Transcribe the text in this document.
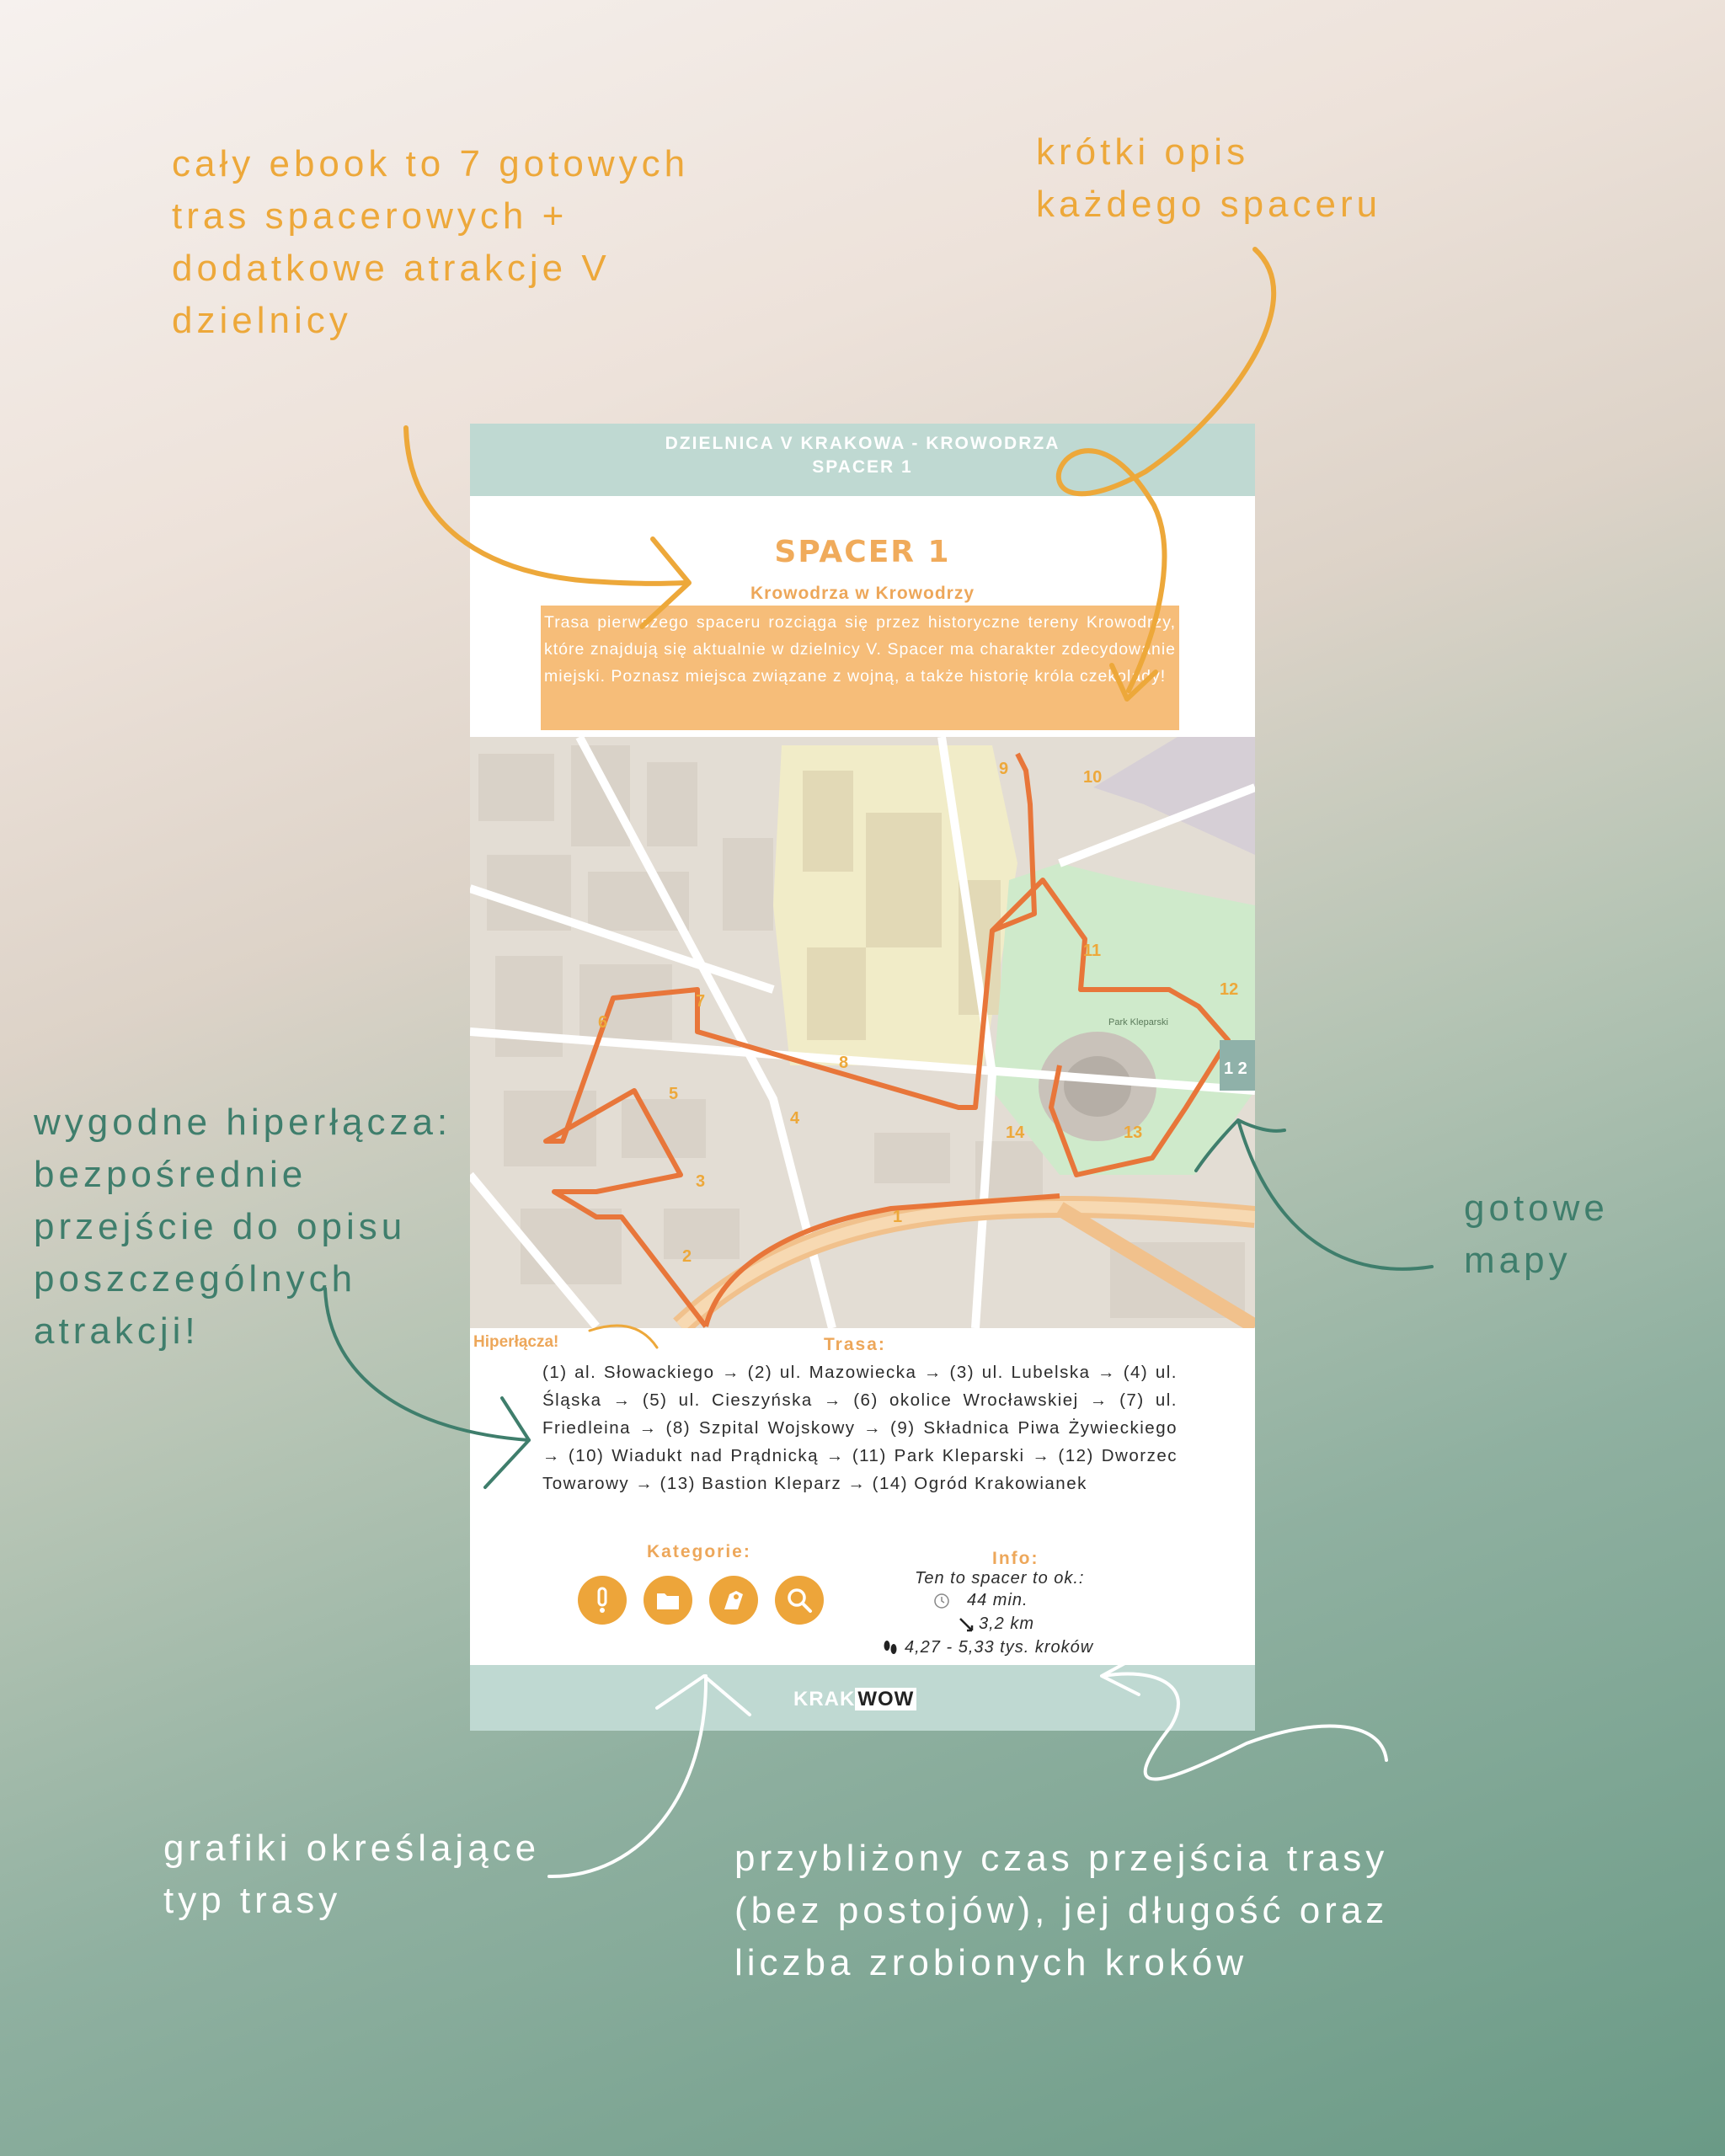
cały ebook to 7 gotowych
tras spacerowych +
dodatkowe atrakcje V
dzielnicy
krótki opis
każdego spaceru
wygodne hiperłącza:
bezpośrednie
przejście do opisu
poszczególnych
atrakcji!
gotowe
mapy
grafiki określające
typ trasy
przybliżony czas przejścia trasy
(bez postojów), jej długość oraz
liczba zrobionych kroków
DZIELNICA V KRAKOWA - KROWODRZA
SPACER 1
SPACER 1
Krowodrza w Krowodrzy
Trasa pierwszego spaceru rozciąga się przez historyczne tereny Krowodrzy, które znajdują się aktualnie w dzielnicy V. Spacer ma charakter zdecydowanie miejski. Poznasz miejsca związane z wojną, a także historię króla czekolady!
1 2
Park Kleparski
1
2
3
4
5
6
7
8
9	10
11
12
13
14
Hiperłącza!	Trasa:
(1) al. Słowackiego → (2) ul. Mazowiecka → (3) ul. Lubelska → (4) ul. Śląska → (5) ul. Cieszyńska → (6) okolice Wrocławskiej → (7) ul. Friedleina → (8) Szpital Wojskowy → (9) Składnica Piwa Żywieckiego → (10) Wiadukt nad Prądnicką → (11) Park Kleparski → (12) Dworzec Towarowy → (13) Bastion Kleparz → (14) Ogród Krakowianek
Kategorie:	Info:
Ten to spacer to ok.:
44 min.
3,2 km
4,27 - 5,33 tys. kroków
KRAK WOW
